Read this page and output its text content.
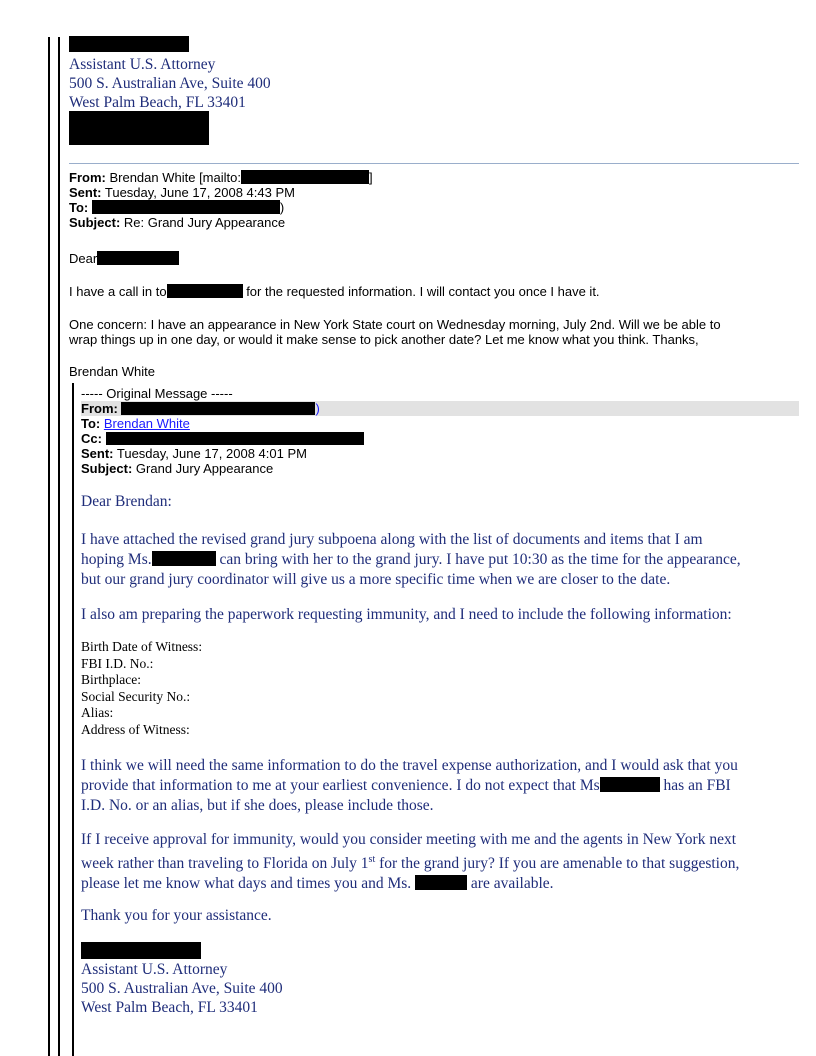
Assistant U.S. Attorney
500 S. Australian Ave, Suite 400
West Palm Beach, FL 33401
From: Brendan White [mailto:	]
Sent: Tuesday, June 17, 2008 4:43 PM
To:	)
Subject: Re: Grand Jury Appearance
Dear
I have a call in to	for the requested information. I will contact you once I have it.
One concern: I have an appearance in New York State court on Wednesday morning, July 2nd. Will we be able to
wrap things up in one day, or would it make sense to pick another date? Let me know what you think. Thanks,
Brendan White
----- Original Message -----
From:	)
To: Brendan White
Cc:
Sent: Tuesday, June 17, 2008 4:01 PM
Subject: Grand Jury Appearance
Dear Brendan:
I have attached the revised grand jury subpoena along with the list of documents and items that I am
hoping Ms.	can bring with her to the grand jury. I have put 10:30 as the time for the appearance,
but our grand jury coordinator will give us a more specific time when we are closer to the date.
I also am preparing the paperwork requesting immunity, and I need to include the following information:
Birth Date of Witness:
FBI I.D. No.:
Birthplace:
Social Security No.:
Alias:
Address of Witness:
I think we will need the same information to do the travel expense authorization, and I would ask that you
provide that information to me at your earliest convenience. I do not expect that Ms	has an FBI
I.D. No. or an alias, but if she does, please include those.
If I receive approval for immunity, would you consider meeting with me and the agents in New York next
week rather than traveling to Florida on July 1st for the grand jury? If you are amenable to that suggestion,
please let me know what days and times you and Ms.	are available.
Thank you for your assistance.
Assistant U.S. Attorney
500 S. Australian Ave, Suite 400
West Palm Beach, FL 33401
